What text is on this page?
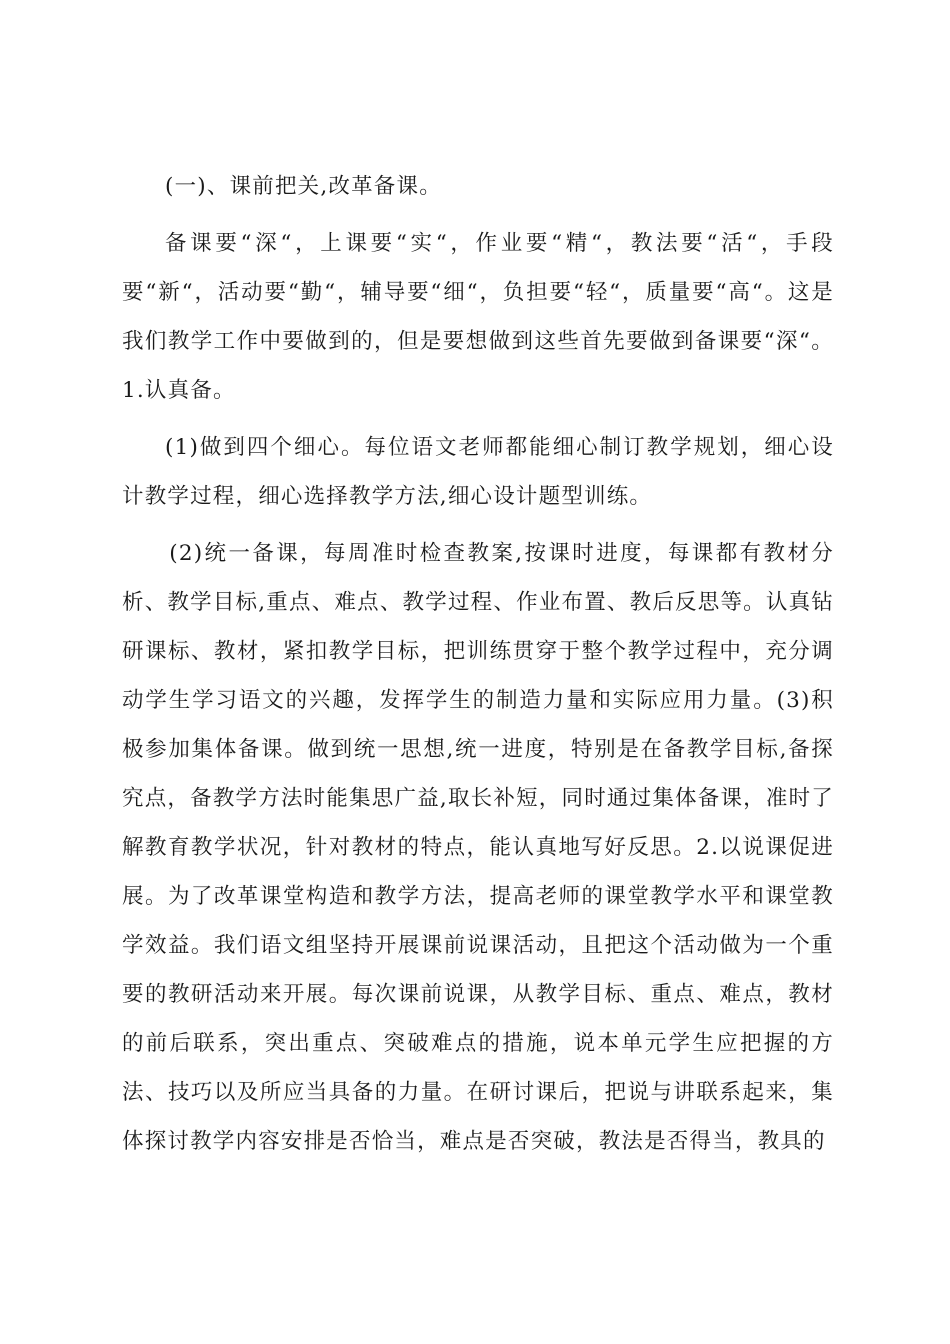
(一)、课前把关,改革备课。

备课要“深“，上课要“实“，作业要“精“，教法要“活“，手段要“新“，活动要“勤“，辅导要“细“，负担要“轻“，质量要“高“。这是我们教学工作中要做到的，但是要想做到这些首先要做到备课要“深“。1.认真备。

(1)做到四个细心。每位语文老师都能细心制订教学规划，细心设计教学过程，细心选择教学方法,细心设计题型训练。

(2)统一备课，每周准时检查教案,按课时进度，每课都有教材分析、教学目标,重点、难点、教学过程、作业布置、教后反思等。认真钻研课标、教材，紧扣教学目标，把训练贯穿于整个教学过程中，充分调动学生学习语文的兴趣，发挥学生的制造力量和实际应用力量。(3)积极参加集体备课。做到统一思想,统一进度，特别是在备教学目标,备探究点，备教学方法时能集思广益,取长补短，同时通过集体备课，准时了解教育教学状况，针对教材的特点，能认真地写好反思。2.以说课促进展。为了改革课堂构造和教学方法，提高老师的课堂教学水平和课堂教学效益。我们语文组坚持开展课前说课活动，且把这个活动做为一个重要的教研活动来开展。每次课前说课，从教学目标、重点、难点，教材的前后联系，突出重点、突破难点的措施，说本单元学生应把握的方法、技巧以及所应当具备的力量。在研讨课后，把说与讲联系起来，集体探讨教学内容安排是否恰当，难点是否突破，教法是否得当，教具的
